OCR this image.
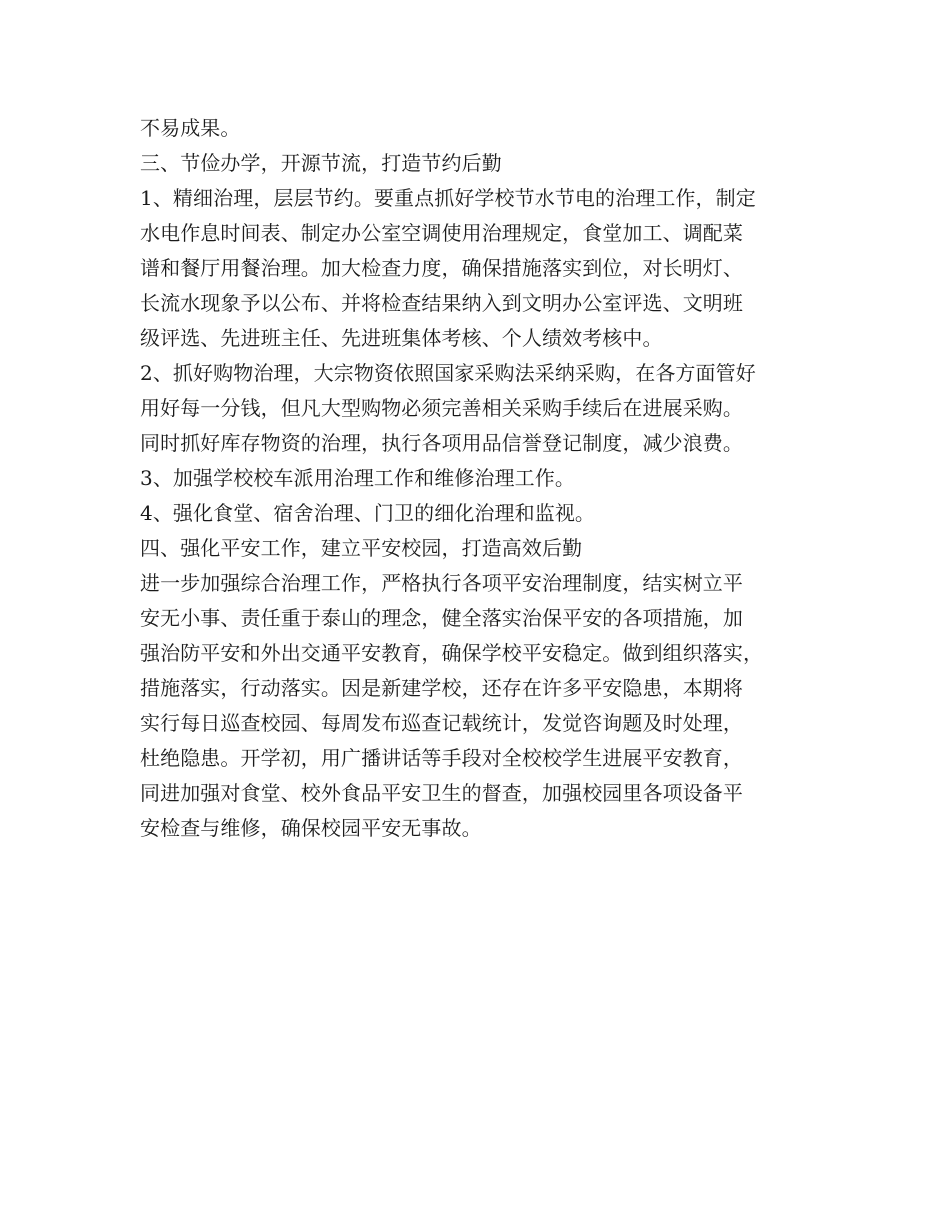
不易成果。
三、节俭办学，开源节流，打造节约后勤
1、精细治理，层层节约。要重点抓好学校节水节电的治理工作，制定
水电作息时间表、制定办公室空调使用治理规定，食堂加工、调配菜
谱和餐厅用餐治理。加大检查力度，确保措施落实到位，对长明灯、
长流水现象予以公布、并将检查结果纳入到文明办公室评选、文明班
级评选、先进班主任、先进班集体考核、个人绩效考核中。
2、抓好购物治理，大宗物资依照国家采购法采纳采购，在各方面管好
用好每一分钱，但凡大型购物必须完善相关采购手续后在进展采购。
同时抓好库存物资的治理，执行各项用品信誉登记制度，减少浪费。
3、加强学校校车派用治理工作和维修治理工作。
4、强化食堂、宿舍治理、门卫的细化治理和监视。
四、强化平安工作，建立平安校园，打造高效后勤
进一步加强综合治理工作，严格执行各项平安治理制度，结实树立平
安无小事、责任重于泰山的理念，健全落实治保平安的各项措施，加
强治防平安和外出交通平安教育，确保学校平安稳定。做到组织落实，
措施落实，行动落实。因是新建学校，还存在许多平安隐患，本期将
实行每日巡查校园、每周发布巡查记载统计，发觉咨询题及时处理，
杜绝隐患。开学初，用广播讲话等手段对全校校学生进展平安教育，
同进加强对食堂、校外食品平安卫生的督查，加强校园里各项设备平
安检查与维修，确保校园平安无事故。
